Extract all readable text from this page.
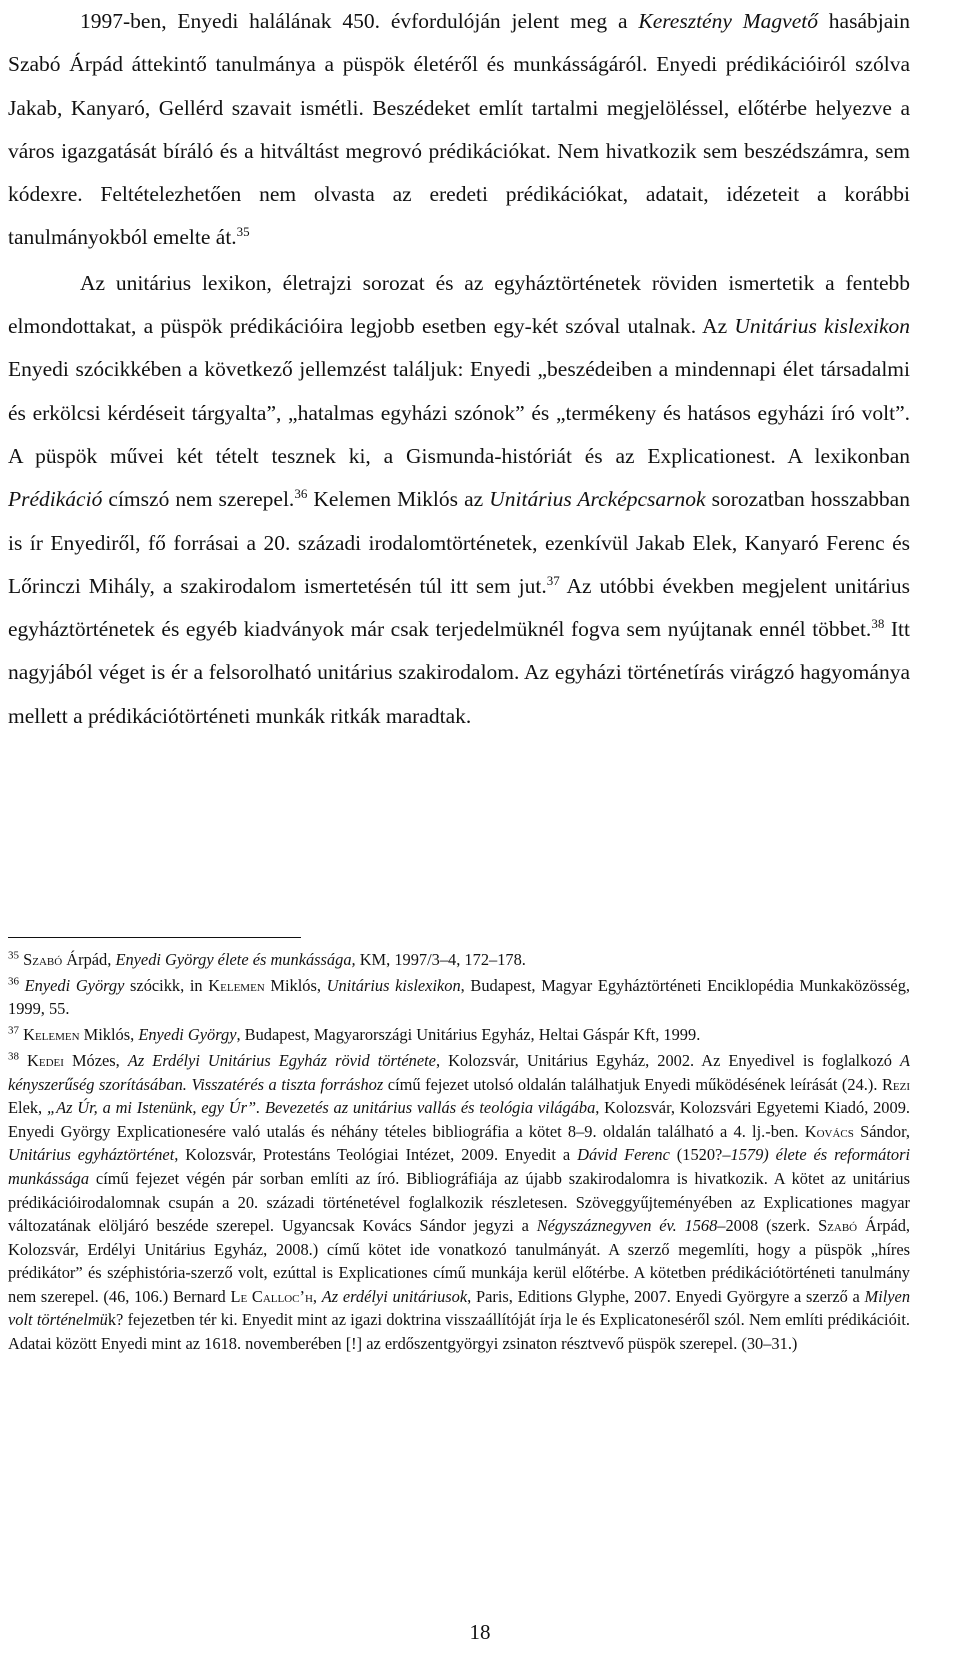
1997-ben, Enyedi halálának 450. évfordulóján jelent meg a Keresztény Magvető hasábjain Szabó Árpád áttekintő tanulmánya a püspök életéről és munkásságáról. Enyedi prédikációiról szólva Jakab, Kanyaró, Gellérd szavait ismétli. Beszédeket említ tartalmi megjelöléssel, előtérbe helyezve a város igazgatását bíráló és a hitváltást megrovó prédikációkat. Nem hivatkozik sem beszédszámra, sem kódexre. Feltételezhetően nem olvasta az eredeti prédikációkat, adatait, idézeteit a korábbi tanulmányokból emelte át.$^{35}$

Az unitárius lexikon, életrajzi sorozat és az egyháztörténetek röviden ismertetik a fentebb elmondottakat, a püspök prédikációira legjobb esetben egy-két szóval utalnak. Az Unitárius kislexikon Enyedi szócikkében a következő jellemzést találjuk: Enyedi „beszédeiben a mindennapi élet társadalmi és erkölcsi kérdéseit tárgyalta”, „hatalmas egyházi szónok” és „termékeny és hatásos egyházi író volt”. A püspök művei két tételt tesznek ki, a Gismunda-históriát és az Explicationest. A lexikonban Prédikáció címszó nem szerepel.$^{36}$ Kelemen Miklós az Unitárius Arcképcsarnok sorozatban hosszabban is ír Enyediről, fő forrásai a 20. századi irodalomtörténetek, ezenkívül Jakab Elek, Kanyaró Ferenc és Lőrinczi Mihály, a szakirodalom ismertetésén túl itt sem jut.$^{37}$ Az utóbbi években megjelent unitárius egyháztörténetek és egyéb kiadványok már csak terjedelmüknél fogva sem nyújtanak ennél többet.$^{38}$ Itt nagyjából véget is ér a felsorolható unitárius szakirodalom. Az egyházi történetírás virágzó hagyománya mellett a prédikációtörténeti munkák ritkák maradtak.

$^{35}$ Szabó Árpád, Enyedi György élete és munkássága, KM, 1997/3–4, 172–178.

$^{36}$ Enyedi György szócikk, in Kelemen Miklós, Unitárius kislexikon, Budapest, Magyar Egyháztörténeti Enciklopédia Munkaközösség, 1999, 55.

$^{37}$ Kelemen Miklós, Enyedi György, Budapest, Magyarországi Unitárius Egyház, Heltai Gáspár Kft, 1999.

$^{38}$ Kedei Mózes, Az Erdélyi Unitárius Egyház rövid története, Kolozsvár, Unitárius Egyház, 2002. Az Enyedivel is foglalkozó A kényszerűség szorításában. Visszatérés a tiszta forráshoz című fejezet utolsó oldalán találhatjuk Enyedi működésének leírását (24.). Rezi Elek, „Az Úr, a mi Istenünk, egy Úr”. Bevezetés az unitárius vallás és teológia világába, Kolozsvár, Kolozsvári Egyetemi Kiadó, 2009. Enyedi György Explicationesére való utalás és néhány tételes bibliográfia a kötet 8–9. oldalán található a 4. lj.-ben. Kovács Sándor, Unitárius egyháztörténet, Kolozsvár, Protestáns Teológiai Intézet, 2009. Enyedit a Dávid Ferenc (1520?–1579) élete és reformátori munkássága című fejezet végén pár sorban említi az író. Bibliográfiája az újabb szakirodalomra is hivatkozik. A kötet az unitárius prédikációirodalomnak csupán a 20. századi történetével foglalkozik részletesen. Szöveggyűjteményében az Explicationes magyar változatának elöljáró beszéde szerepel. Ugyancsak Kovács Sándor jegyzi a Négyszáznegyven év. 1568–2008 (szerk. Szabó Árpád, Kolozsvár, Erdélyi Unitárius Egyház, 2008.) című kötet ide vonatkozó tanulmányát. A szerző megemlíti, hogy a püspök „híres prédikátor” és széphistória-szerző volt, ezúttal is Explicationes című munkája kerül előtérbe. A kötetben prédikációtörténeti tanulmány nem szerepel. (46, 106.) Bernard Le Calloc’h, Az erdélyi unitáriusok, Paris, Editions Glyphe, 2007. Enyedi Györgyre a szerző a Milyen volt történelmük? fejezetben tér ki. Enyedit mint az igazi doktrina visszaállítóját írja le és Explicatoneséről szól. Nem említi prédikációit. Adatai között Enyedi mint az 1618. novemberében [!] az erdőszentgyörgyi zsinaton résztvevő püspök szerepel. (30–31.)

18
